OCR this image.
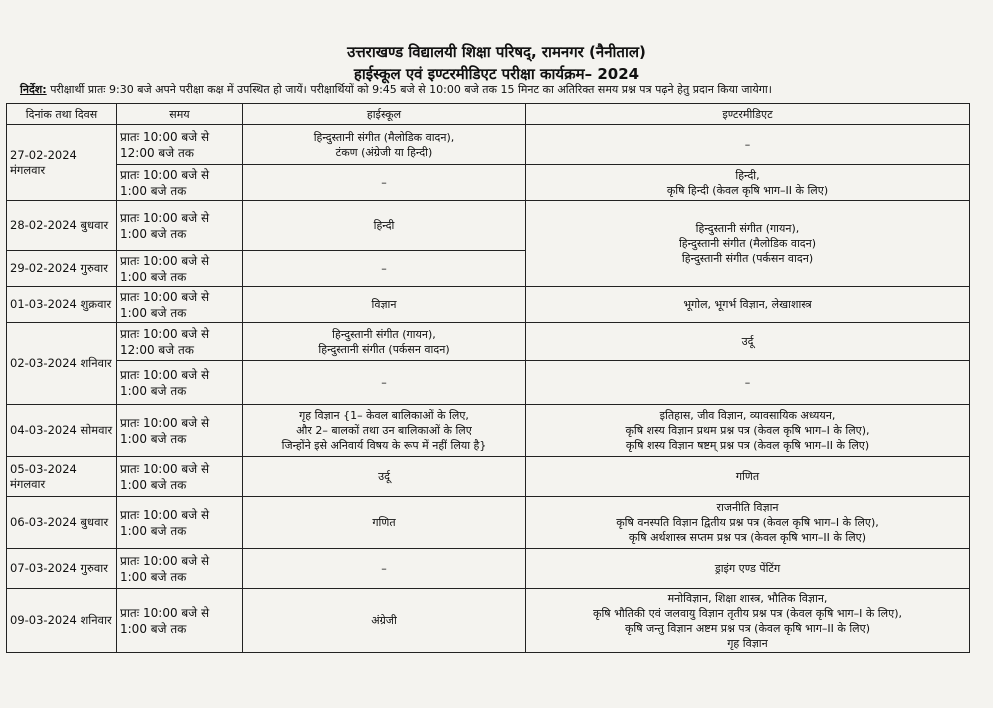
उत्तराखण्ड विद्यालयी शिक्षा परिषद्, रामनगर (नैनीताल)
हाईस्कूल एवं इण्टरमीडिएट परीक्षा कार्यक्रम– 2024
निर्देश: परीक्षार्थी प्रातः 9:30 बजे अपने परीक्षा कक्ष में उपस्थित हो जायें। परीक्षार्थियों को 9:45 बजे से 10:00 बजे तक 15 मिनट का अतिरिक्त समय प्रश्न पत्र पढ़ने हेतु प्रदान किया जायेगा।
दिनांक तथा दिवस	समय	हाईस्कूल	इण्टरमीडिएट
27-02-2024 मंगलवार	प्रातः 10:00 बजे से
12:00 बजे तक	हिन्दुस्तानी संगीत (मैलोडिक वादन),
टंकण (अंग्रेजी या हिन्दी)	–

	प्रातः 10:00 बजे से
1:00 बजे तक	–	हिन्दी,
कृषि हिन्दी (केवल कृषि भाग–II के लिए)

28-02-2024 बुधवार	प्रातः 10:00 बजे से
1:00 बजे तक	हिन्दी	हिन्दुस्तानी संगीत (गायन),
हिन्दुस्तानी संगीत (मैलोडिक वादन)
हिन्दुस्तानी संगीत (पर्कसन वादन)

29-02-2024 गुरुवार	प्रातः 10:00 बजे से
1:00 बजे तक	–	
01-03-2024 शुक्रवार	प्रातः 10:00 बजे से
1:00 बजे तक	विज्ञान	भूगोल, भूगर्भ विज्ञान, लेखाशास्त्र
02-03-2024 शनिवार	प्रातः 10:00 बजे से
12:00 बजे तक	हिन्दुस्तानी संगीत (गायन),
हिन्दुस्तानी संगीत (पर्कसन वादन)	उर्दू

	प्रातः 10:00 बजे से
1:00 बजे तक	–	–
04-03-2024 सोमवार	प्रातः 10:00 बजे से
1:00 बजे तक	गृह विज्ञान {1– केवल बालिकाओं के लिए,
और 2– बालकों तथा उन बालिकाओं के लिए
जिन्होंने इसे अनिवार्य विषय के रूप में नहीं लिया है}	इतिहास, जीव विज्ञान, व्यावसायिक अध्ययन,
कृषि शस्य विज्ञान प्रथम प्रश्न पत्र (केवल कृषि भाग–I के लिए),
कृषि शस्य विज्ञान षष्टम् प्रश्न पत्र (केवल कृषि भाग–II के लिए)

05-03-2024 मंगलवार	प्रातः 10:00 बजे से
1:00 बजे तक	उर्दू	गणित
06-03-2024 बुधवार	प्रातः 10:00 बजे से
1:00 बजे तक	गणित	राजनीति विज्ञान
कृषि वनस्पति विज्ञान द्वितीय प्रश्न पत्र (केवल कृषि भाग–I के लिए),
कृषि अर्थशास्त्र सप्तम प्रश्न पत्र (केवल कृषि भाग–II के लिए)

07-03-2024 गुरुवार	प्रातः 10:00 बजे से
1:00 बजे तक	–	ड्राइंग एण्ड पेंटिंग
09-03-2024 शनिवार	प्रातः 10:00 बजे से
1:00 बजे तक	अंग्रेजी	मनोविज्ञान, शिक्षा शास्त्र, भौतिक विज्ञान,
कृषि भौतिकी एवं जलवायु विज्ञान तृतीय प्रश्न पत्र (केवल कृषि भाग–I के लिए),
कृषि जन्तु विज्ञान अष्टम प्रश्न पत्र (केवल कृषि भाग–II के लिए)
गृह विज्ञान
